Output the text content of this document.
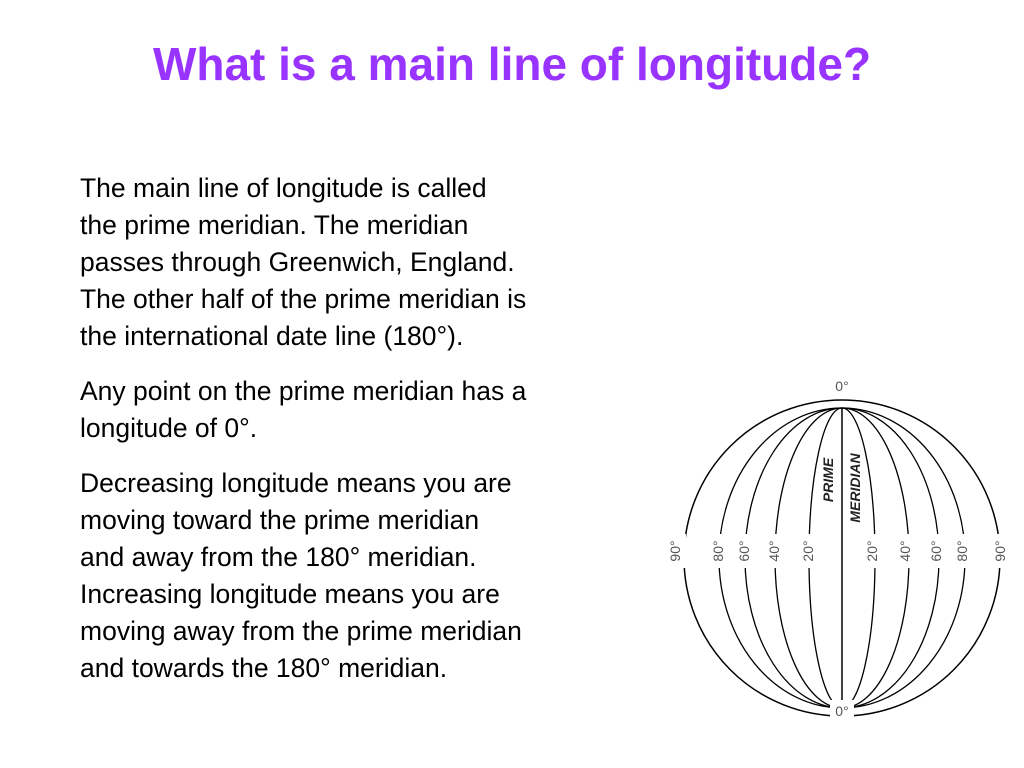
What is a main line of longitude?

The main line of longitude is called
the prime meridian. The meridian
passes through Greenwich, England.
The other half of the prime meridian is
the international date line (180°).

Any point on the prime meridian has a
longitude of 0°.

Decreasing longitude means you are
moving toward the prime meridian
and away from the 180° meridian.
Increasing longitude means you are
moving away from the prime meridian
and towards the 180° meridian.

0°
0°
PRIME MERIDIAN
90° 80° 60° 40° 20°	20° 40° 60° 80° 90°
